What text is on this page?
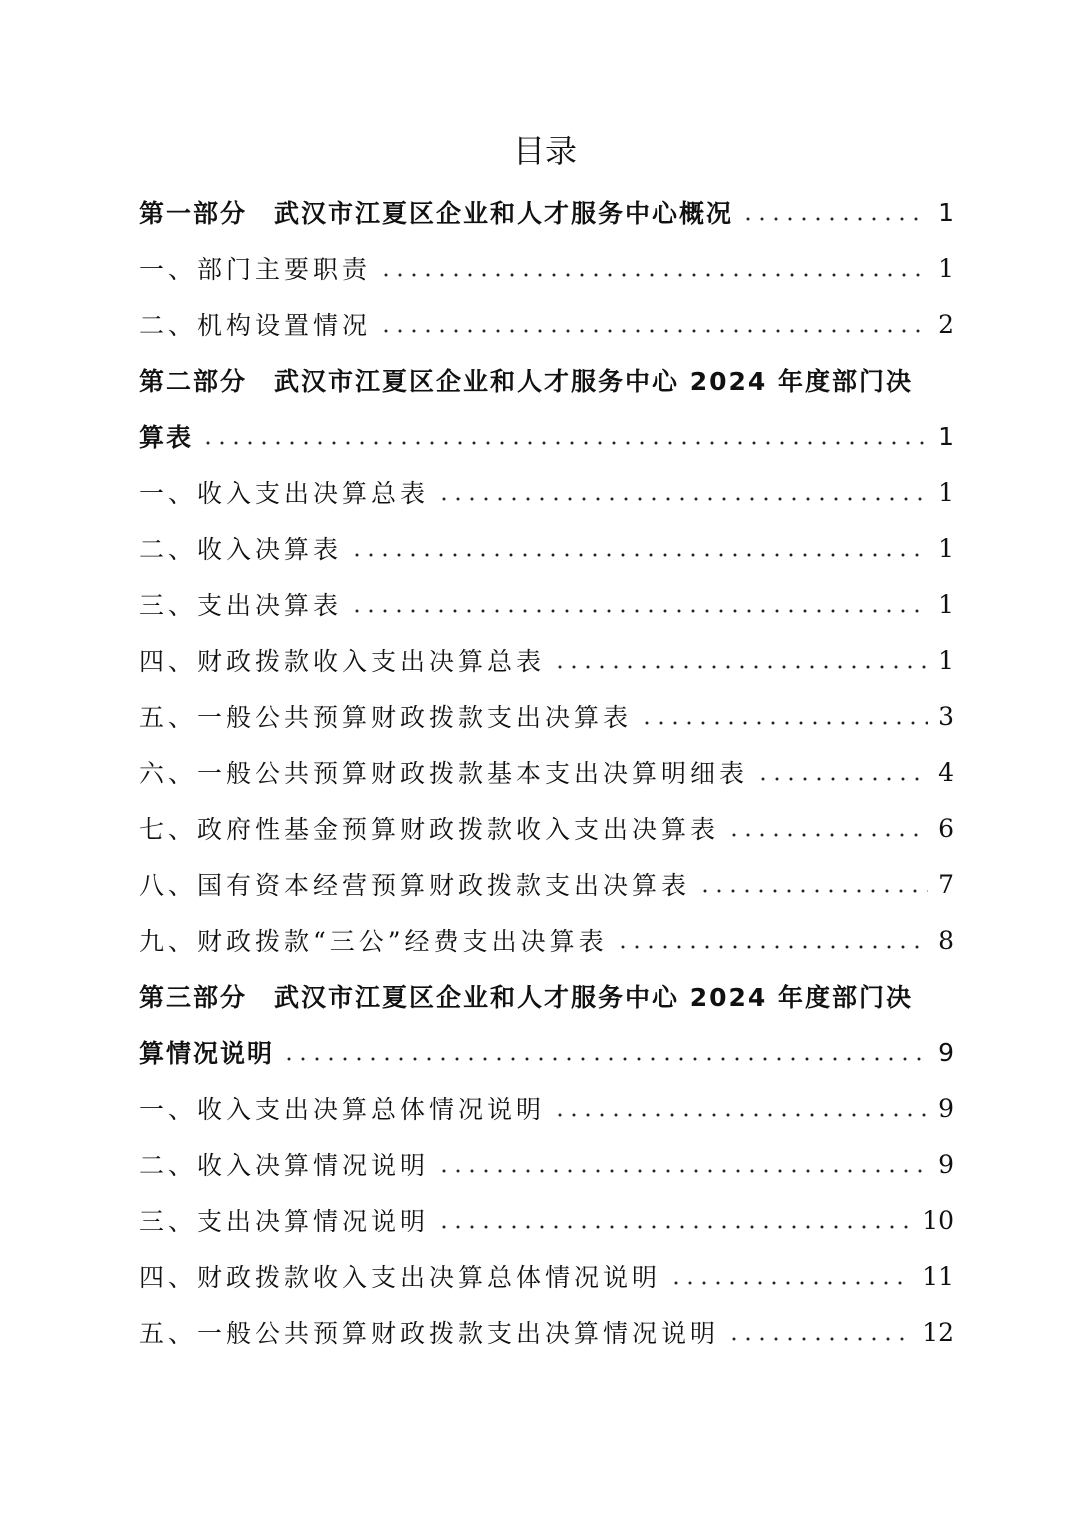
目录
第一部分　武汉市江夏区企业和人才服务中心概况	1
一、部门主要职责	1
二、机构设置情况	2
第二部分　武汉市江夏区企业和人才服务中心 2024 年度部门决
算表	1
一、收入支出决算总表	1
二、收入决算表	1
三、支出决算表	1
四、财政拨款收入支出决算总表	1
五、一般公共预算财政拨款支出决算表	3
六、一般公共预算财政拨款基本支出决算明细表	4
七、政府性基金预算财政拨款收入支出决算表	6
八、国有资本经营预算财政拨款支出决算表	7
九、财政拨款“三公”经费支出决算表	8
第三部分　武汉市江夏区企业和人才服务中心 2024 年度部门决
算情况说明	9
一、收入支出决算总体情况说明	9
二、收入决算情况说明	9
三、支出决算情况说明	10
四、财政拨款收入支出决算总体情况说明	11
五、一般公共预算财政拨款支出决算情况说明	12
